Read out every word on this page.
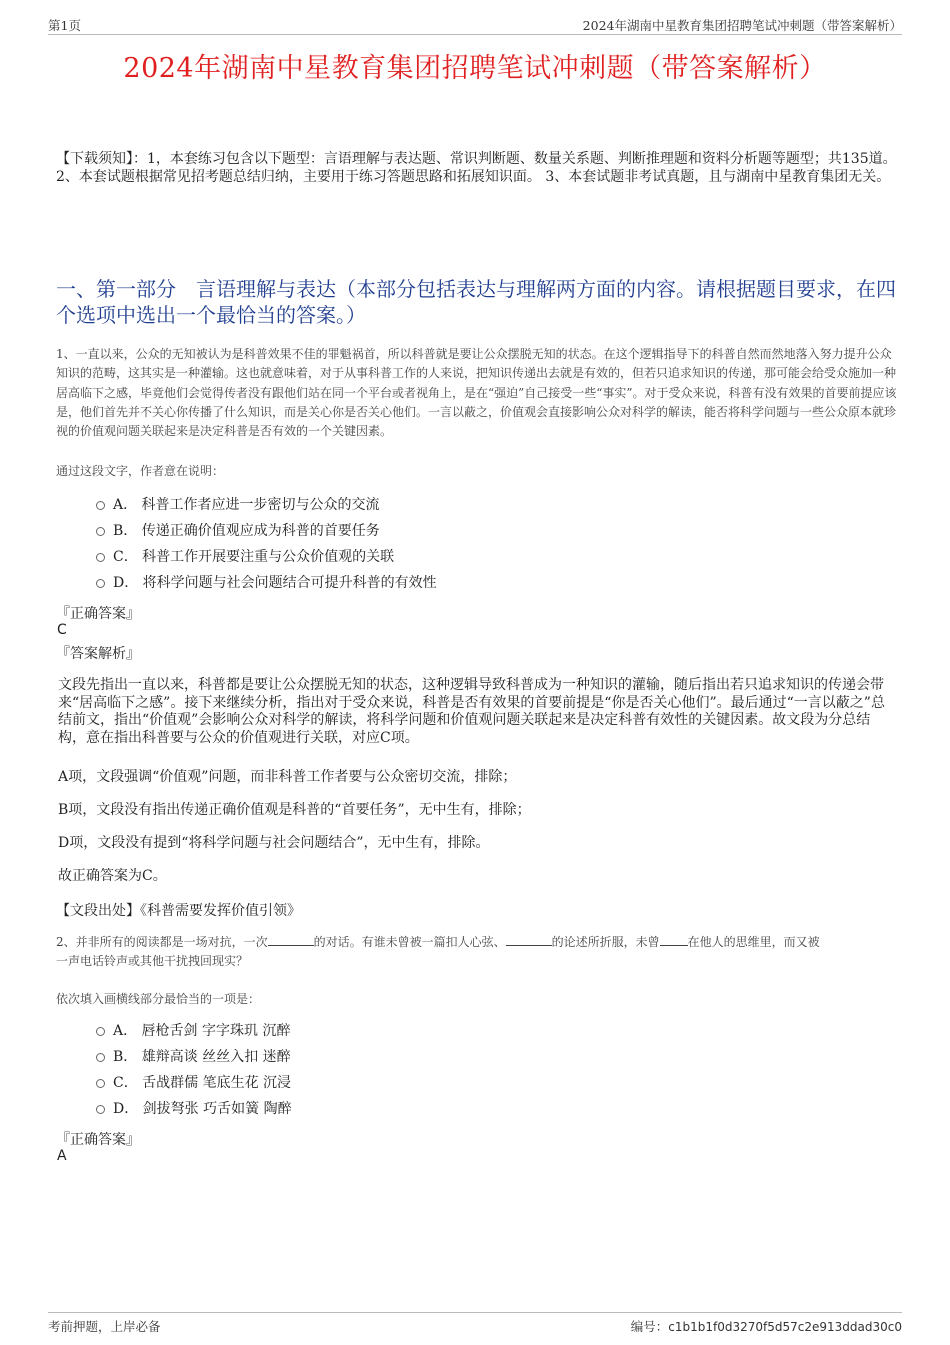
第1页	2024年湖南中星教育集团招聘笔试冲刺题（带答案解析）
2024年湖南中星教育集团招聘笔试冲刺题（带答案解析）
【下载须知】：1，本套练习包含以下题型：言语理解与表达题、常识判断题、数量关系题、判断推理题和资料分析题等题型；共135道。 2、本套试题根据常见招考题总结归纳，主要用于练习答题思路和拓展知识面。 3、本套试题非考试真题，且与湖南中星教育集团无关。
一、第一部分　言语理解与表达（本部分包括表达与理解两方面的内容。请根据题目要求，在四个选项中选出一个最恰当的答案。）
1、一直以来，公众的无知被认为是科普效果不佳的罪魁祸首，所以科普就是要让公众摆脱无知的状态。在这个逻辑指导下的科普自然而然地落入努力提升公众知识的范畴，这其实是一种灌输。这也就意味着，对于从事科普工作的人来说，把知识传递出去就是有效的，但若只追求知识的传递，那可能会给受众施加一种居高临下之感，毕竟他们会觉得传者没有跟他们站在同一个平台或者视角上，是在“强迫”自己接受一些“事实”。对于受众来说，科普有没有效果的首要前提应该是，他们首先并不关心你传播了什么知识，而是关心你是否关心他们。一言以蔽之，价值观会直接影响公众对科学的解读，能否将科学问题与一些公众原本就珍视的价值观问题关联起来是决定科普是否有效的一个关键因素。
通过这段文字，作者意在说明：
A． 科普工作者应进一步密切与公众的交流
B． 传递正确价值观应成为科普的首要任务
C． 科普工作开展要注重与公众价值观的关联
D． 将科学问题与社会问题结合可提升科普的有效性
『正确答案』
C
『答案解析』
文段先指出一直以来，科普都是要让公众摆脱无知的状态，这种逻辑导致科普成为一种知识的灌输，随后指出若只追求知识的传递会带来“居高临下之感”。接下来继续分析，指出对于受众来说，科普是否有效果的首要前提是“你是否关心他们”。最后通过“一言以蔽之”总结前文，指出“价值观”会影响公众对科学的解读，将科学问题和价值观问题关联起来是决定科普有效性的关键因素。故文段为分总结构，意在指出科普要与公众的价值观进行关联，对应C项。
A项，文段强调“价值观”问题，而非科普工作者要与公众密切交流，排除；
B项，文段没有指出传递正确价值观是科普的“首要任务”，无中生有，排除；
D项，文段没有提到“将科学问题与社会问题结合”，无中生有，排除。
故正确答案为C。
【文段出处】《科普需要发挥价值引领》
2、并非所有的阅读都是一场对抗，一次	的对话。有谁未曾被一篇扣人心弦、	的论述所折服，未曾 在他人的思维里，而又被
一声电话铃声或其他干扰拽回现实？
依次填入画横线部分最恰当的一项是：
A． 唇枪舌剑 字字珠玑 沉醉
B． 雄辩高谈 丝丝入扣 迷醉
C． 舌战群儒 笔底生花 沉浸
D． 剑拔弩张 巧舌如簧 陶醉
『正确答案』
A
考前押题，上岸必备	编号：c1b1b1f0d3270f5d57c2e913ddad30c0
